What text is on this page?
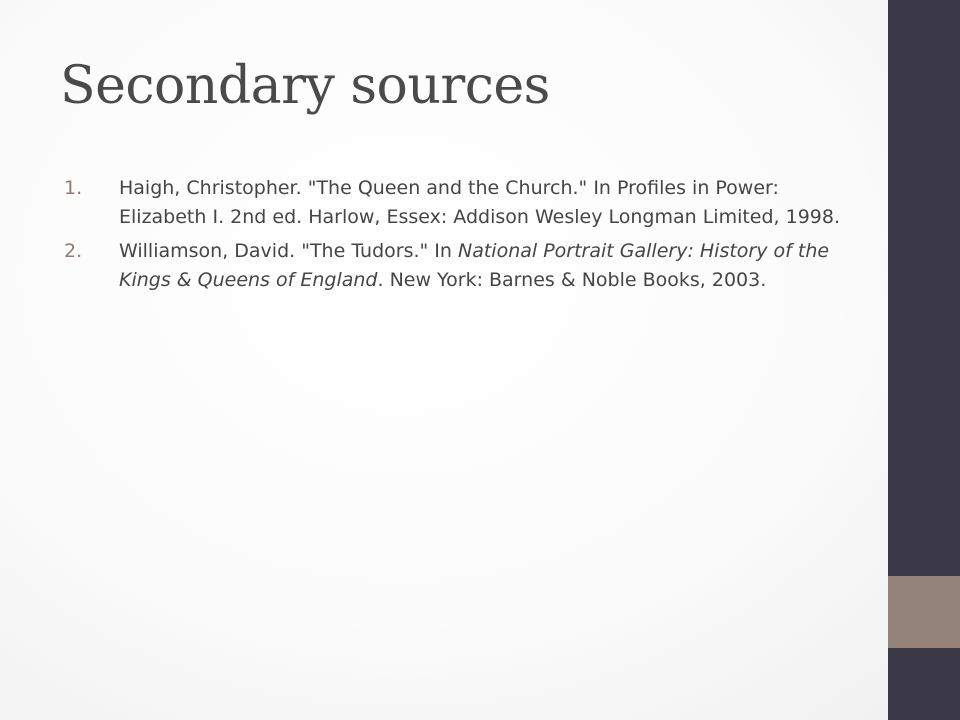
Secondary sources
1. Haigh, Christopher. "The Queen and the Church." In Profiles in Power: Elizabeth I. 2nd ed. Harlow, Essex: Addison Wesley Longman Limited, 1998.
2. Williamson, David. "The Tudors." In National Portrait Gallery: History of the Kings & Queens of England. New York: Barnes & Noble Books, 2003.
